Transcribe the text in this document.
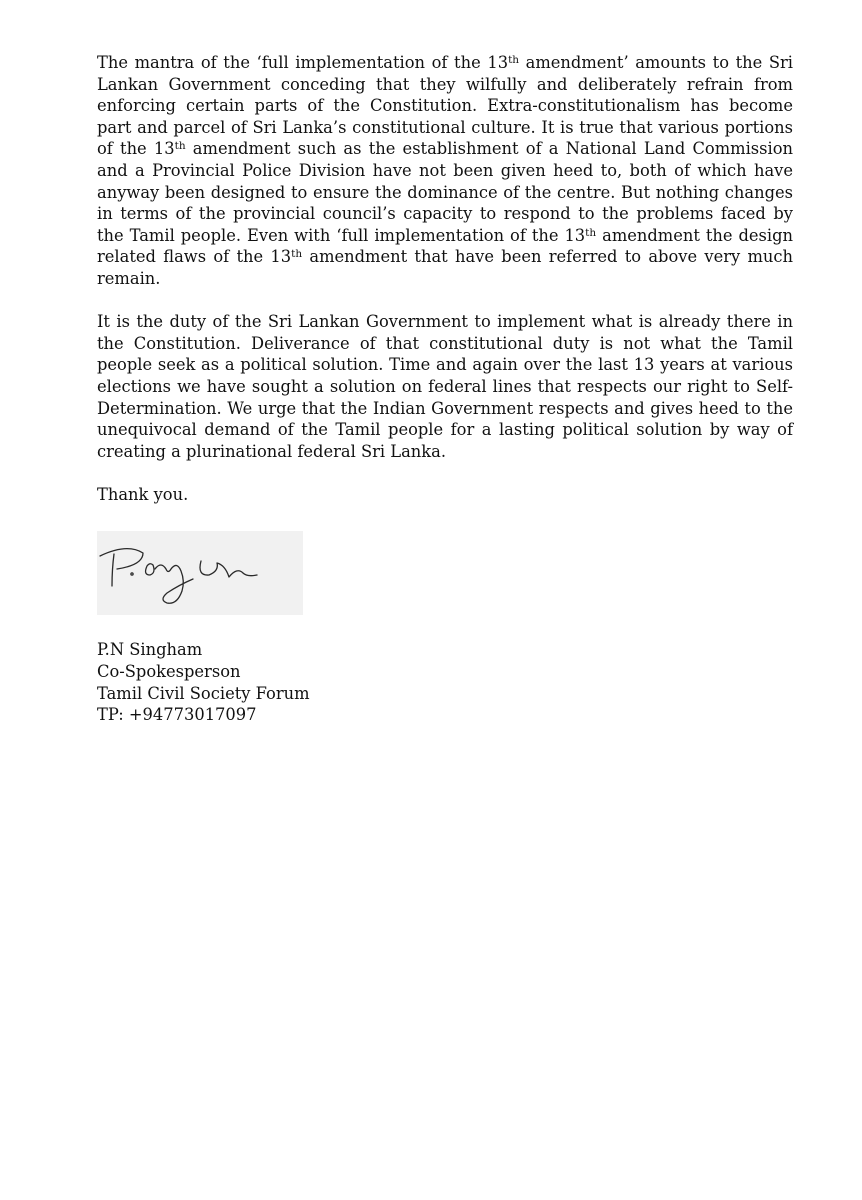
The mantra of the ‘full implementation of the 13th amendment’ amounts to the Sri Lankan Government conceding that they wilfully and deliberately refrain from enforcing certain parts of the Constitution. Extra-constitutionalism has become part and parcel of Sri Lanka’s constitutional culture. It is true that various portions of the 13th amendment such as the establishment of a National Land Commission and a Provincial Police Division have not been given heed to, both of which have anyway been designed to ensure the dominance of the centre. But nothing changes in terms of the provincial council’s capacity to respond to the problems faced by the Tamil people. Even with ‘full implementation of the 13th amendment the design related flaws of the 13th amendment that have been referred to above very much remain.

It is the duty of the Sri Lankan Government to implement what is already there in the Constitution. Deliverance of that constitutional duty is not what the Tamil people seek as a political solution. Time and again over the last 13 years at various elections we have sought a solution on federal lines that respects our right to Self-Determination. We urge that the Indian Government respects and gives heed to the unequivocal demand of the Tamil people for a lasting political solution by way of creating a plurinational federal Sri Lanka.

Thank you.

P.N Singham
Co-Spokesperson
Tamil Civil Society Forum
TP: +94773017097
